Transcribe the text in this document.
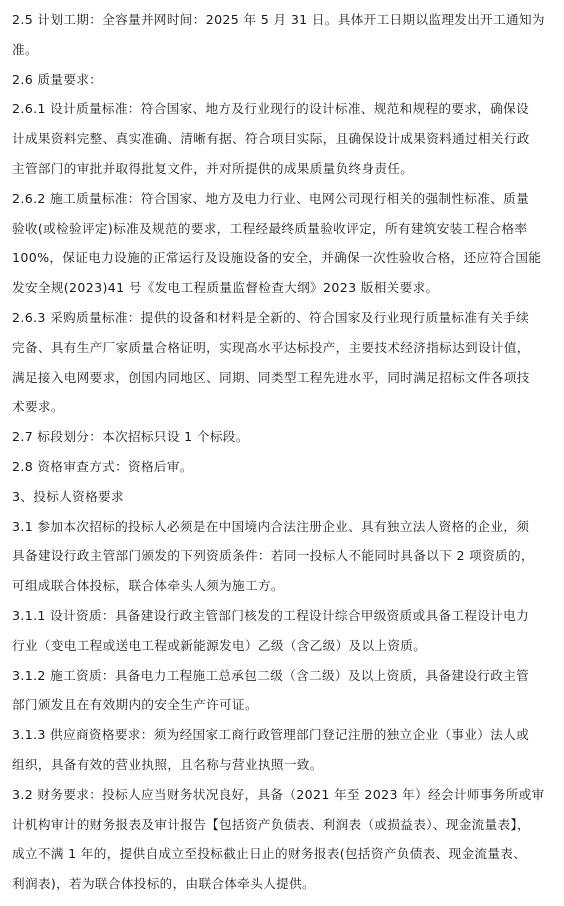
2.5 计划工期：全容量并网时间：2025 年 5 月 31 日。具体开工日期以监理发出开工通知为
准。
2.6 质量要求：
2.6.1 设计质量标准：符合国家、地方及行业现行的设计标准、规范和规程的要求，确保设
计成果资料完整、真实准确、清晰有据、符合项目实际，且确保设计成果资料通过相关行政
主管部门的审批并取得批复文件，并对所提供的成果质量负终身责任。
2.6.2 施工质量标准：符合国家、地方及电力行业、电网公司现行相关的强制性标准、质量
验收(或检验评定)标准及规范的要求，工程经最终质量验收评定，所有建筑安装工程合格率
100%，保证电力设施的正常运行及设施设备的安全，并确保一次性验收合格，还应符合国能
发安全规(2023)41 号《发电工程质量监督检查大纲》2023 版相关要求。
2.6.3 采购质量标准：提供的设备和材料是全新的、符合国家及行业现行质量标准有关手续
完备、具有生产厂家质量合格证明，实现高水平达标投产，主要技术经济指标达到设计值，
满足接入电网要求，创国内同地区、同期、同类型工程先进水平，同时满足招标文件各项技
术要求。
2.7 标段划分：本次招标只设 1 个标段。
2.8 资格审查方式：资格后审。
3、投标人资格要求
3.1 参加本次招标的投标人必须是在中国境内合法注册企业、具有独立法人资格的企业，须
具备建设行政主管部门颁发的下列资质条件：若同一投标人不能同时具备以下 2 项资质的，
可组成联合体投标，联合体牵头人须为施工方。
3.1.1 设计资质：具备建设行政主管部门核发的工程设计综合甲级资质或具备工程设计电力
行业（变电工程或送电工程或新能源发电）乙级（含乙级）及以上资质。
3.1.2 施工资质：具备电力工程施工总承包二级（含二级）及以上资质，具备建设行政主管
部门颁发且在有效期内的安全生产许可证。
3.1.3 供应商资格要求：须为经国家工商行政管理部门登记注册的独立企业（事业）法人或
组织，具备有效的营业执照，且名称与营业执照一致。
3.2 财务要求：投标人应当财务状况良好，具备（2021 年至 2023 年）经会计师事务所或审
计机构审计的财务报表及审计报告【包括资产负债表、利润表（或损益表）、现金流量表】，
成立不满 1 年的，提供自成立至投标截止日止的财务报表(包括资产负债表、现金流量表、
利润表)，若为联合体投标的，由联合体牵头人提供。
